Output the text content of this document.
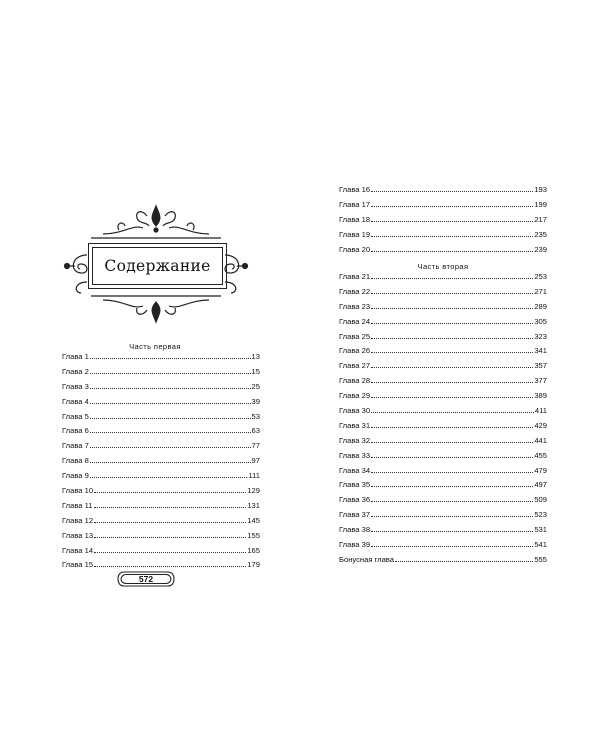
Содержание
Часть первая
Глава 1	13
Глава 2	15
Глава 3	25
Глава 4	39
Глава 5	53
Глава 6	63
Глава 7	77
Глава 8	97
Глава 9	111
Глава 10	129
Глава 11	131
Глава 12	145
Глава 13	155
Глава 14	165
Глава 15	179
572
Глава 16	193
Глава 17	199
Глава 18	217
Глава 19	235
Глава 20	239
Часть вторая
Глава 21	253
Глава 22	271
Глава 23	289
Глава 24	305
Глава 25	323
Глава 26	341
Глава 27	357
Глава 28	377
Глава 29	389
Глава 30	411
Глава 31	429
Глава 32	441
Глава 33	455
Глава 34	479
Глава 35	497
Глава 36	509
Глава 37	523
Глава 38	531
Глава 39	541
Бонусная глава	555
